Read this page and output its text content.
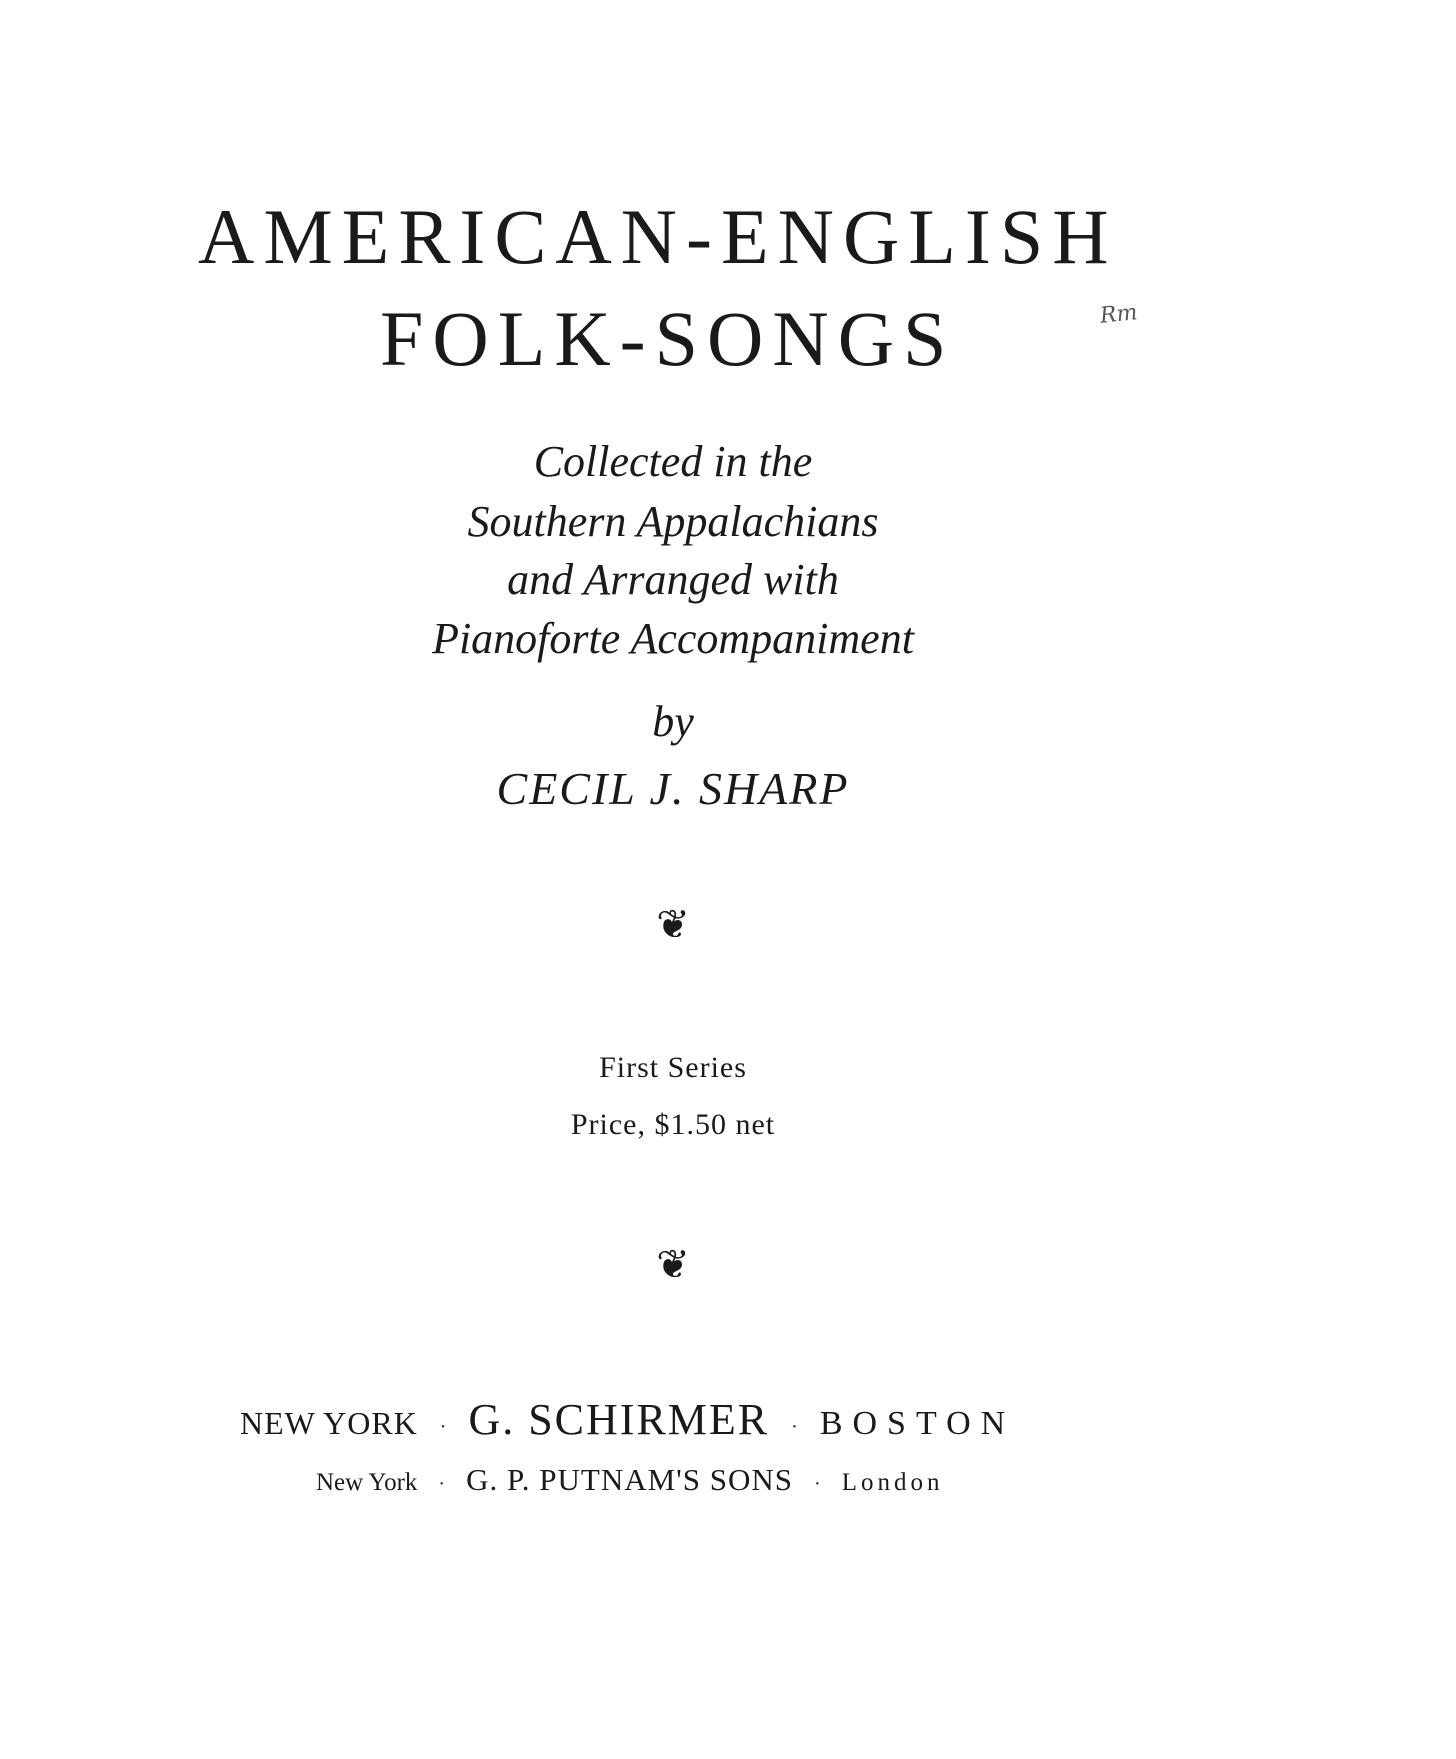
AMERICAN-ENGLISH
FOLK-SONGS	Rm
Collected in the
Southern Appalachians
and Arranged with
Pianoforte Accompaniment
by
CECIL J. SHARP
❦
First Series
Price, $1.50 net
❦
NEW YORK · G. SCHIRMER · BOSTON
New York · G. P. PUTNAM'S SONS · London
